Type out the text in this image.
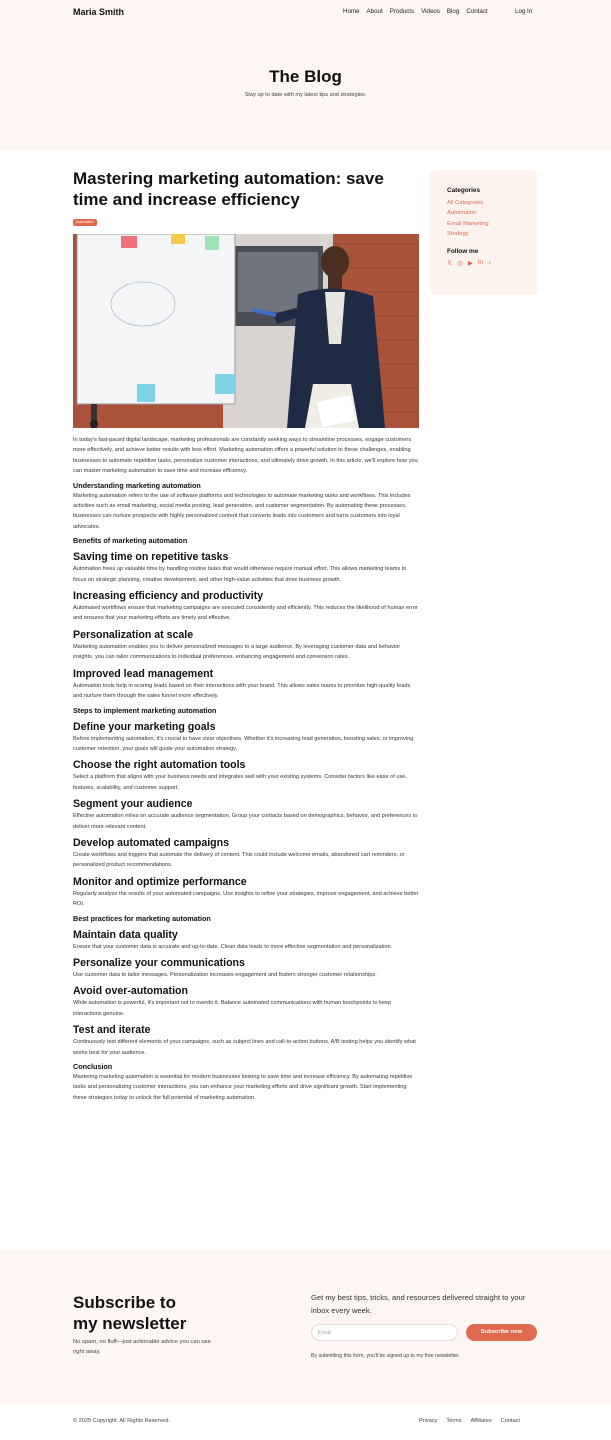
Maria Smith	Home About Products Videos Blog Contact	Log In
The Blog
Stay up to date with my latest tips and strategies.
Mastering marketing automation: save time and increase efficiency
Automation
In today's fast-paced digital landscape, marketing professionals are constantly seeking ways to streamline processes, engage customers more effectively, and achieve better results with less effort. Marketing automation offers a powerful solution to these challenges, enabling businesses to automate repetitive tasks, personalize customer interactions, and ultimately drive growth. In this article, we'll explore how you can master marketing automation to save time and increase efficiency.
Understanding marketing automation
Marketing automation refers to the use of software platforms and technologies to automate marketing tasks and workflows. This includes activities such as email marketing, social media posting, lead generation, and customer segmentation. By automating these processes, businesses can nurture prospects with highly personalized content that converts leads into customers and turns customers into loyal advocates.
Benefits of marketing automation
Saving time on repetitive tasks
Automation frees up valuable time by handling routine tasks that would otherwise require manual effort. This allows marketing teams to focus on strategic planning, creative development, and other high-value activities that drive business growth.
Increasing efficiency and productivity
Automated workflows ensure that marketing campaigns are executed consistently and efficiently. This reduces the likelihood of human error and ensures that your marketing efforts are timely and effective.
Personalization at scale
Marketing automation enables you to deliver personalized messages to a large audience. By leveraging customer data and behavior insights, you can tailor communications to individual preferences, enhancing engagement and conversion rates.
Improved lead management
Automation tools help in scoring leads based on their interactions with your brand. This allows sales teams to prioritize high-quality leads and nurture them through the sales funnel more effectively.
Steps to implement marketing automation
Define your marketing goals
Before implementing automation, it's crucial to have clear objectives. Whether it's increasing lead generation, boosting sales, or improving customer retention, your goals will guide your automation strategy.
Choose the right automation tools
Select a platform that aligns with your business needs and integrates well with your existing systems. Consider factors like ease of use, features, scalability, and customer support.
Segment your audience
Effective automation relies on accurate audience segmentation. Group your contacts based on demographics, behavior, and preferences to deliver more relevant content.
Develop automated campaigns
Create workflows and triggers that automate the delivery of content. This could include welcome emails, abandoned cart reminders, or personalized product recommendations.
Monitor and optimize performance
Regularly analyze the results of your automated campaigns. Use insights to refine your strategies, improve engagement, and achieve better ROI.
Best practices for marketing automation
Maintain data quality
Ensure that your customer data is accurate and up-to-date. Clean data leads to more effective segmentation and personalization.
Personalize your communications
Use customer data to tailor messages. Personalization increases engagement and fosters stronger customer relationships.
Avoid over-automation
While automation is powerful, it's important not to overdo it. Balance automated communications with human touchpoints to keep interactions genuine.
Test and iterate
Continuously test different elements of your campaigns, such as subject lines and call-to-action buttons. A/B testing helps you identify what works best for your audience.
Conclusion
Mastering marketing automation is essential for modern businesses looking to save time and increase efficiency. By automating repetitive tasks and personalizing customer interactions, you can enhance your marketing efforts and drive significant growth. Start implementing these strategies today to unlock the full potential of marketing automation.
Categories
All Categories
Automation
Email Marketing
Strategy
Follow me
𝕏 ◎ ▶ in ♪
Subscribe to
my newsletter
No spam, no fluff—just actionable advice you can use right away.
Get my best tips, tricks, and resources delivered straight to your inbox every week.
Email	Subscribe now
By submitting this form, you'll be signed up to my free newsletter.
© 2025 Copyright. All Rights Reserved.	Privacy Terms Affiliates Contact
